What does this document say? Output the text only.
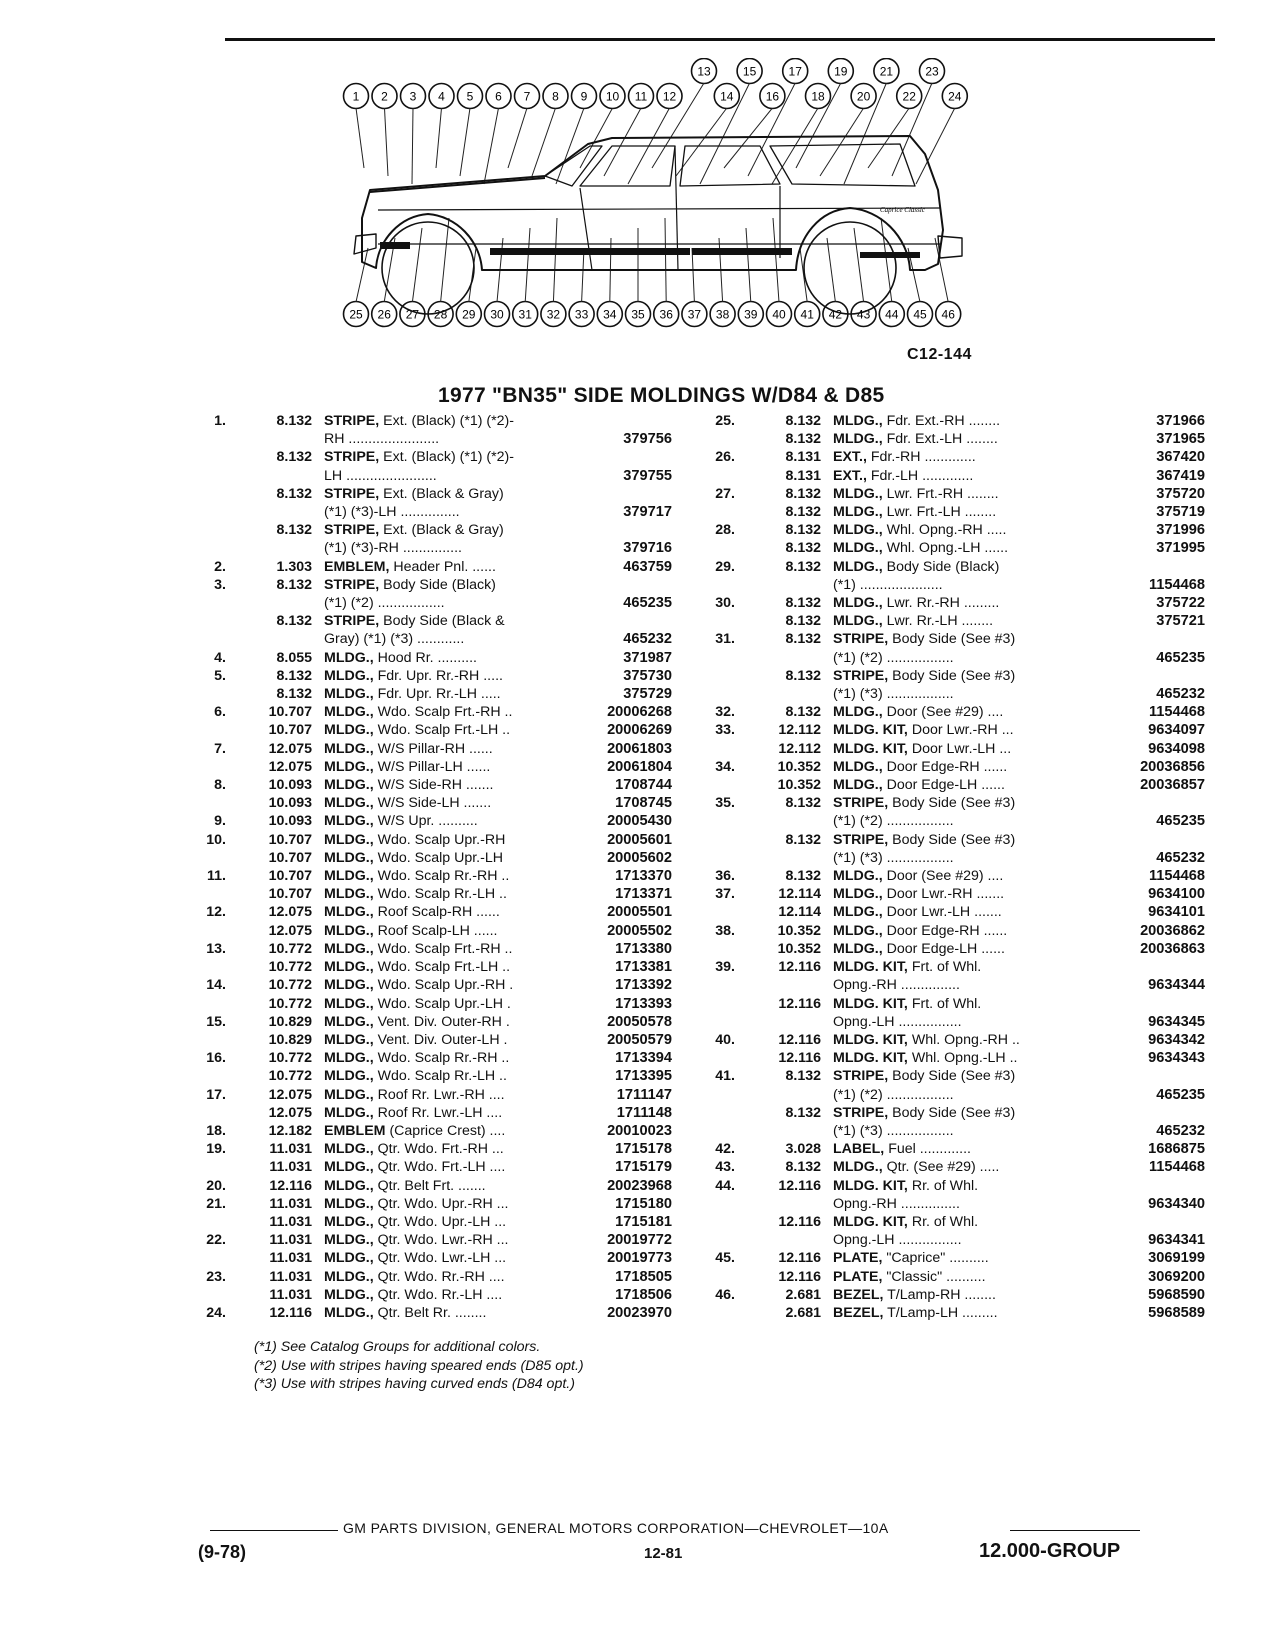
1 2 3 4 5 6 7 8 9 10 11 12
13
14
15
16
17
18
19
20
21
22
23
24
25 26 27 28 29 30 31 32 33 34 35 36 37 38 39 40 41 42 43 44 45 46
Caprice Classic
C12-144
1977 "BN35" SIDE MOLDINGS W/D84 & D85
1.	8.132 STRIPE, Ext. (Black) (*1) (*2)-
RH .......................	379756
8.132 STRIPE, Ext. (Black) (*1) (*2)-
LH .......................	379755
8.132 STRIPE, Ext. (Black & Gray)
(*1) (*3)-LH ...............	379717
8.132 STRIPE, Ext. (Black & Gray)
(*1) (*3)-RH ...............	379716
2.	1.303 EMBLEM, Header Pnl. ......	463759
3.	8.132 STRIPE, Body Side (Black)
(*1) (*2) .................	465235
8.132 STRIPE, Body Side (Black &
Gray) (*1) (*3) ............	465232
4.	8.055 MLDG., Hood Rr. ..........	371987
5.	8.132 MLDG., Fdr. Upr. Rr.-RH .....	375730
8.132 MLDG., Fdr. Upr. Rr.-LH .....	375729
6.	10.707 MLDG., Wdo. Scalp Frt.-RH ..	20006268
10.707 MLDG., Wdo. Scalp Frt.-LH ..	20006269
7.	12.075 MLDG., W/S Pillar-RH ......	20061803
12.075 MLDG., W/S Pillar-LH ......	20061804
8.	10.093 MLDG., W/S Side-RH .......	1708744
10.093 MLDG., W/S Side-LH .......	1708745
9.	10.093 MLDG., W/S Upr. ..........	20005430
10.	10.707 MLDG., Wdo. Scalp Upr.-RH	20005601
10.707 MLDG., Wdo. Scalp Upr.-LH	20005602
11.	10.707 MLDG., Wdo. Scalp Rr.-RH ..	1713370
10.707 MLDG., Wdo. Scalp Rr.-LH ..	1713371
12.	12.075 MLDG., Roof Scalp-RH ......	20005501
12.075 MLDG., Roof Scalp-LH ......	20005502
13.	10.772 MLDG., Wdo. Scalp Frt.-RH ..	1713380
10.772 MLDG., Wdo. Scalp Frt.-LH ..	1713381
14.	10.772 MLDG., Wdo. Scalp Upr.-RH .	1713392
10.772 MLDG., Wdo. Scalp Upr.-LH .	1713393
15.	10.829 MLDG., Vent. Div. Outer-RH .	20050578
10.829 MLDG., Vent. Div. Outer-LH .	20050579
16.	10.772 MLDG., Wdo. Scalp Rr.-RH ..	1713394
10.772 MLDG., Wdo. Scalp Rr.-LH ..	1713395
17.	12.075 MLDG., Roof Rr. Lwr.-RH ....	1711147
12.075 MLDG., Roof Rr. Lwr.-LH ....	1711148
18.	12.182 EMBLEM (Caprice Crest) ....	20010023
19.	11.031 MLDG., Qtr. Wdo. Frt.-RH ...	1715178
11.031 MLDG., Qtr. Wdo. Frt.-LH ....	1715179
20.	12.116 MLDG., Qtr. Belt Frt. .......	20023968
21.	11.031 MLDG., Qtr. Wdo. Upr.-RH ...	1715180
11.031 MLDG., Qtr. Wdo. Upr.-LH ...	1715181
22.	11.031 MLDG., Qtr. Wdo. Lwr.-RH ...	20019772
11.031 MLDG., Qtr. Wdo. Lwr.-LH ...	20019773
23.	11.031 MLDG., Qtr. Wdo. Rr.-RH ....	1718505
11.031 MLDG., Qtr. Wdo. Rr.-LH ....	1718506
24.	12.116 MLDG., Qtr. Belt Rr. ........	20023970
25.	8.132 MLDG., Fdr. Ext.-RH ........	371966
8.132 MLDG., Fdr. Ext.-LH ........	371965
26.	8.131 EXT., Fdr.-RH .............	367420
8.131 EXT., Fdr.-LH .............	367419
27.	8.132 MLDG., Lwr. Frt.-RH ........	375720
8.132 MLDG., Lwr. Frt.-LH ........	375719
28.	8.132 MLDG., Whl. Opng.-RH .....	371996
8.132 MLDG., Whl. Opng.-LH ......	371995
29.	8.132 MLDG., Body Side (Black)
(*1) .....................	1154468
30.	8.132 MLDG., Lwr. Rr.-RH .........	375722
8.132 MLDG., Lwr. Rr.-LH ........	375721
31.	8.132 STRIPE, Body Side (See #3)
(*1) (*2) .................	465235
8.132 STRIPE, Body Side (See #3)
(*1) (*3) .................	465232
32.	8.132 MLDG., Door (See #29) ....	1154468
33.	12.112 MLDG. KIT, Door Lwr.-RH ...	9634097
12.112 MLDG. KIT, Door Lwr.-LH ...	9634098
34.	10.352 MLDG., Door Edge-RH ......	20036856
10.352 MLDG., Door Edge-LH ......	20036857
35.	8.132 STRIPE, Body Side (See #3)
(*1) (*2) .................	465235
8.132 STRIPE, Body Side (See #3)
(*1) (*3) .................	465232
36.	8.132 MLDG., Door (See #29) ....	1154468
37.	12.114 MLDG., Door Lwr.-RH .......	9634100
12.114 MLDG., Door Lwr.-LH .......	9634101
38.	10.352 MLDG., Door Edge-RH ......	20036862
10.352 MLDG., Door Edge-LH ......	20036863
39.	12.116 MLDG. KIT, Frt. of Whl.
Opng.-RH ...............	9634344
12.116 MLDG. KIT, Frt. of Whl.
Opng.-LH ................	9634345
40.	12.116 MLDG. KIT, Whl. Opng.-RH ..	9634342
12.116 MLDG. KIT, Whl. Opng.-LH ..	9634343
41.	8.132 STRIPE, Body Side (See #3)
(*1) (*2) .................	465235
8.132 STRIPE, Body Side (See #3)
(*1) (*3) .................	465232
42.	3.028 LABEL, Fuel .............	1686875
43.	8.132 MLDG., Qtr. (See #29) .....	1154468
44.	12.116 MLDG. KIT, Rr. of Whl.
Opng.-RH ...............	9634340
12.116 MLDG. KIT, Rr. of Whl.
Opng.-LH ................	9634341
45.	12.116 PLATE, "Caprice" ..........	3069199
12.116 PLATE, "Classic" ..........	3069200
46.	2.681 BEZEL, T/Lamp-RH ........	5968590
2.681 BEZEL, T/Lamp-LH .........	5968589
(*1) See Catalog Groups for additional colors.
(*2) Use with stripes having speared ends (D85 opt.)
(*3) Use with stripes having curved ends (D84 opt.)
GM PARTS DIVISION, GENERAL MOTORS CORPORATION—CHEVROLET—10A
(9-78)	12-81	12.000-GROUP
